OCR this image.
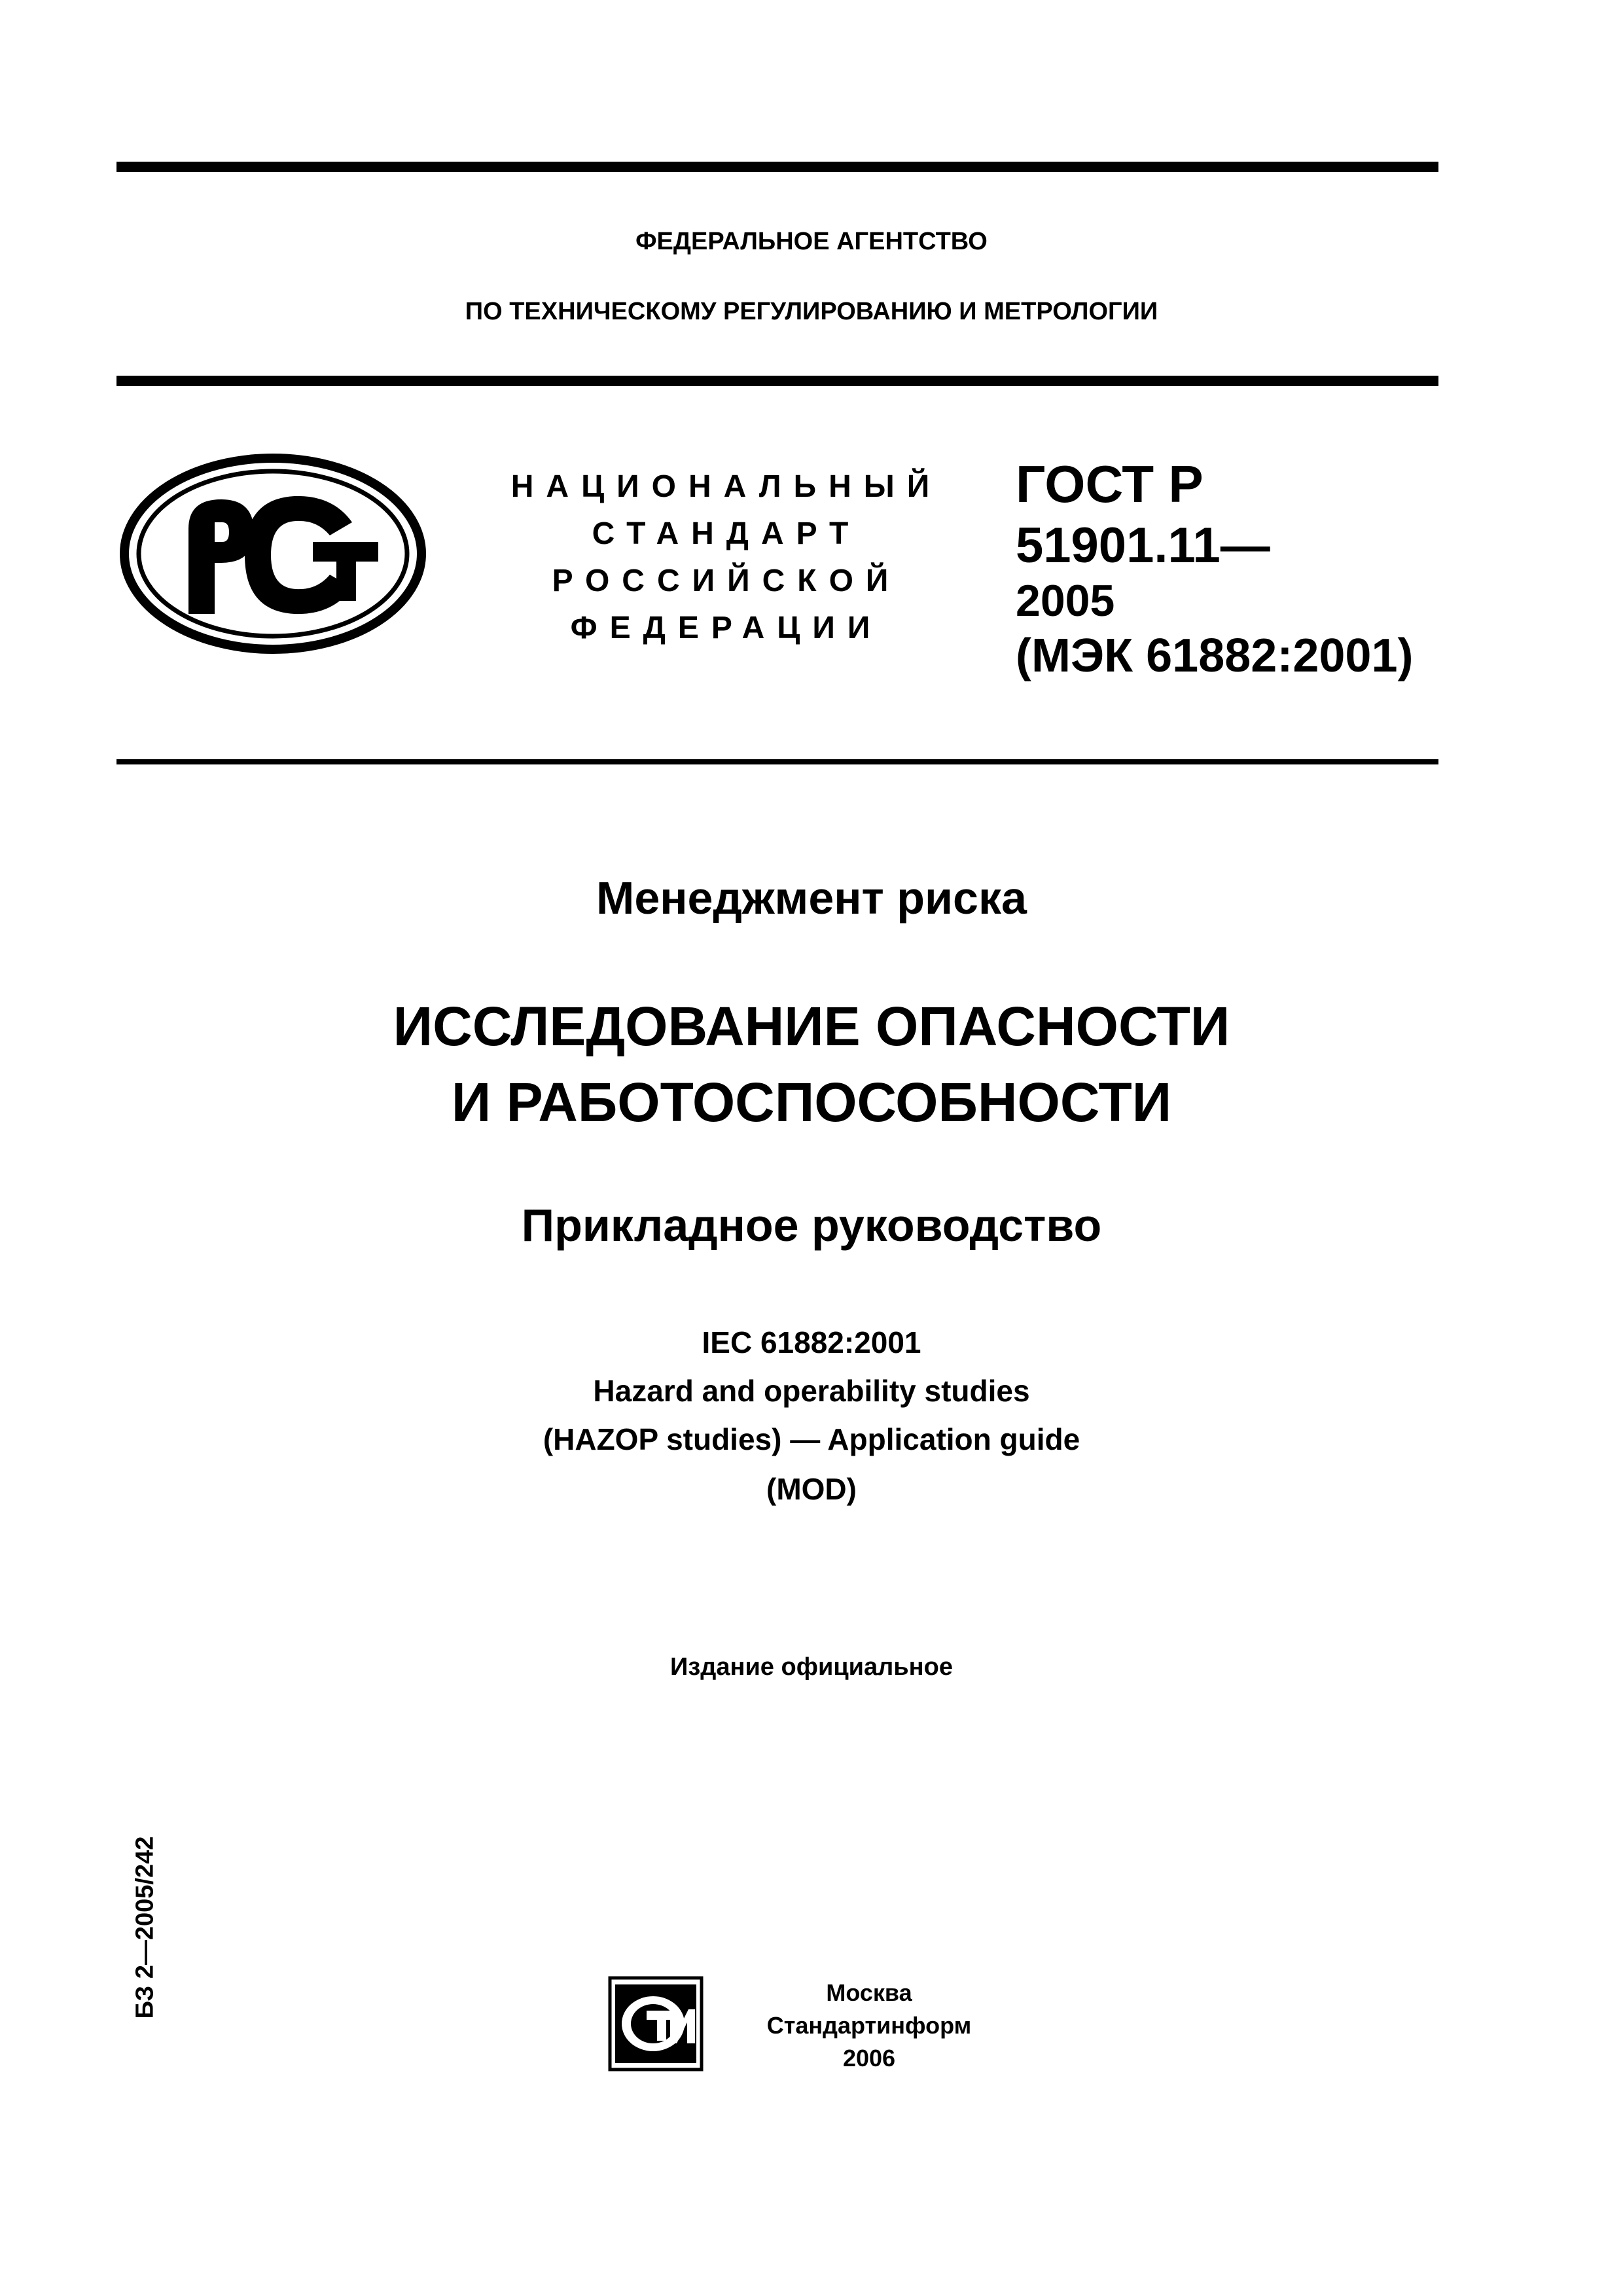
ФЕДЕРАЛЬНОЕ АГЕНТСТВО
ПО ТЕХНИЧЕСКОМУ РЕГУЛИРОВАНИЮ И МЕТРОЛОГИИ
НАЦИОНАЛЬНЫЙ
СТАНДАРТ
РОССИЙСКОЙ
ФЕДЕРАЦИИ
ГОСТ Р
51901.11—
2005
(МЭК 61882:2001)
Менеджмент риска
ИССЛЕДОВАНИЕ ОПАСНОСТИ
И РАБОТОСПОСОБНОСТИ
Прикладное руководство
IEC 61882:2001
Hazard and operability studies
(HAZOP studies) — Application guide
(MOD)
Издание официальное
БЗ 2—2005/242	Москва
Стандартинформ
2006
